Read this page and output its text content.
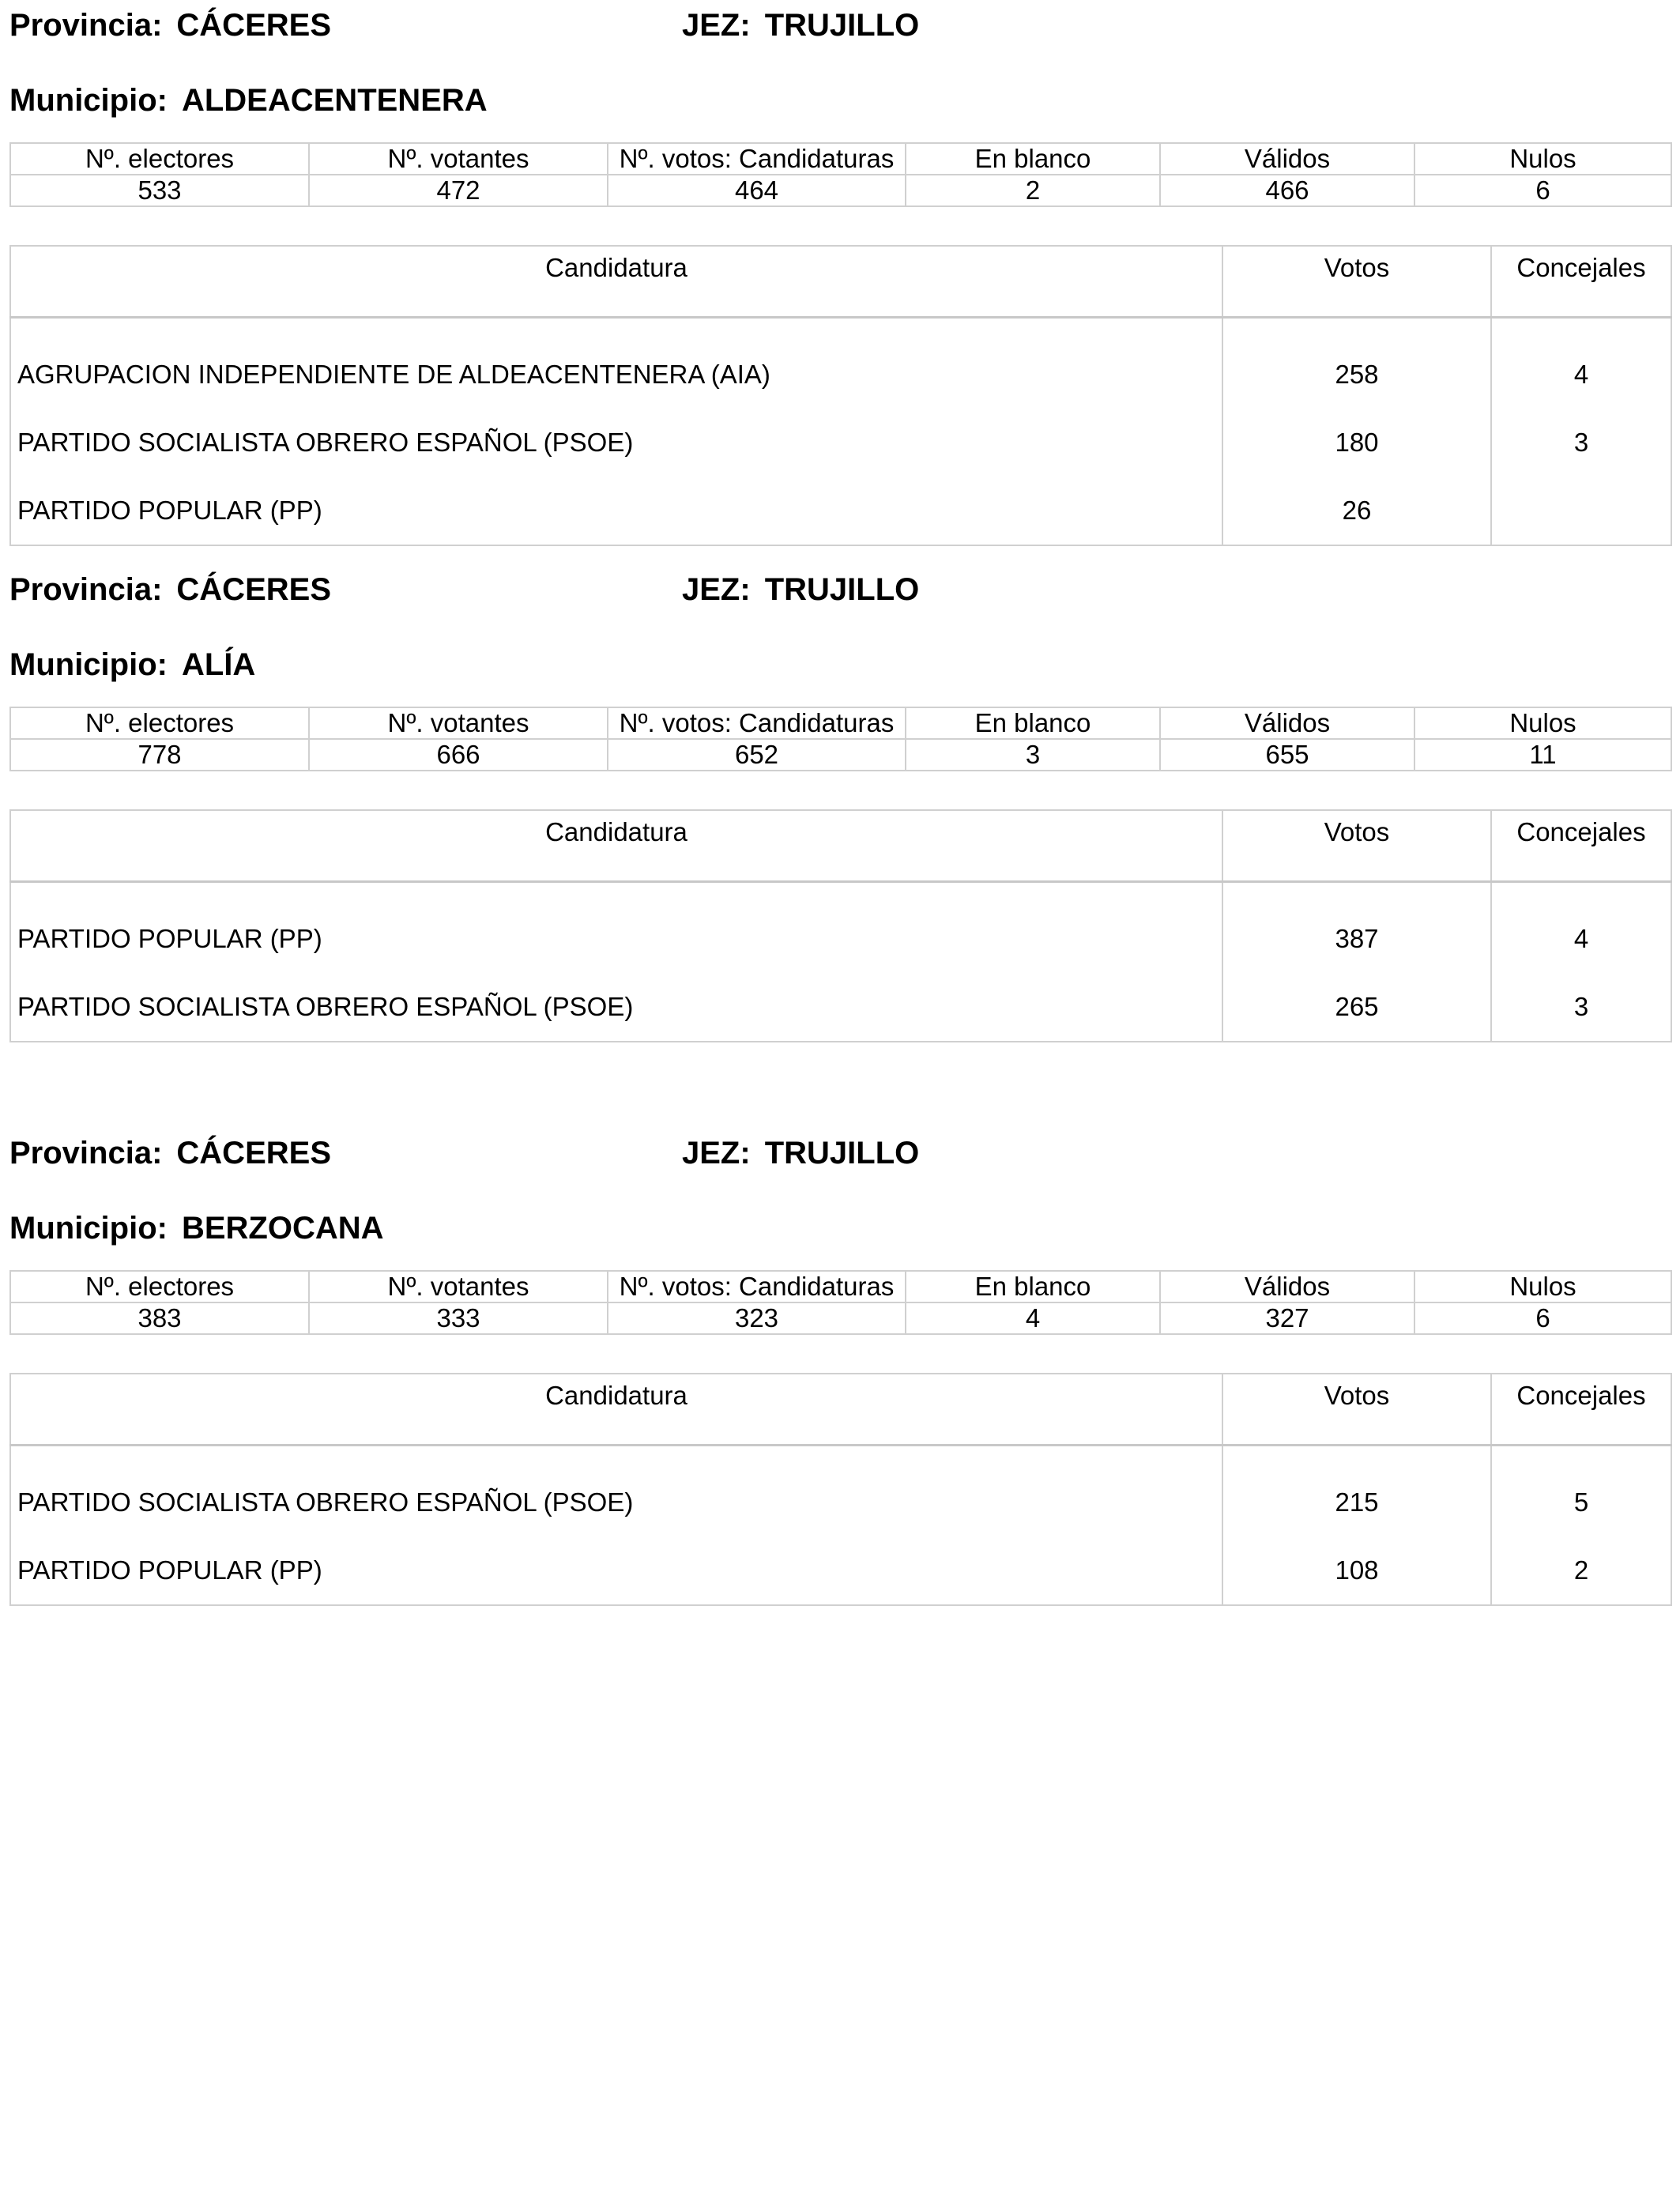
Provincia: CÁCERES	JEZ: TRUJILLO
Municipio: ALDEACENTENERA
Nº. electores	Nº. votantes	Nº. votos: Candidaturas	En blanco	Válidos	Nulos
533	472	464	2	466	6
Candidatura	Votos	Concejales
AGRUPACION INDEPENDIENTE DE ALDEACENTENERA (AIA)	258	4
PARTIDO SOCIALISTA OBRERO ESPAÑOL (PSOE)	180	3
PARTIDO POPULAR (PP)	26	
Provincia: CÁCERES	JEZ: TRUJILLO
Municipio: ALÍA
Nº. electores	Nº. votantes	Nº. votos: Candidaturas	En blanco	Válidos	Nulos
778	666	652	3	655	11
Candidatura	Votos	Concejales
PARTIDO POPULAR (PP)	387	4
PARTIDO SOCIALISTA OBRERO ESPAÑOL (PSOE)	265	3
Provincia: CÁCERES	JEZ: TRUJILLO
Municipio: BERZOCANA
Nº. electores	Nº. votantes	Nº. votos: Candidaturas	En blanco	Válidos	Nulos
383	333	323	4	327	6
Candidatura	Votos	Concejales
PARTIDO SOCIALISTA OBRERO ESPAÑOL (PSOE)	215	5
PARTIDO POPULAR (PP)	108	2
